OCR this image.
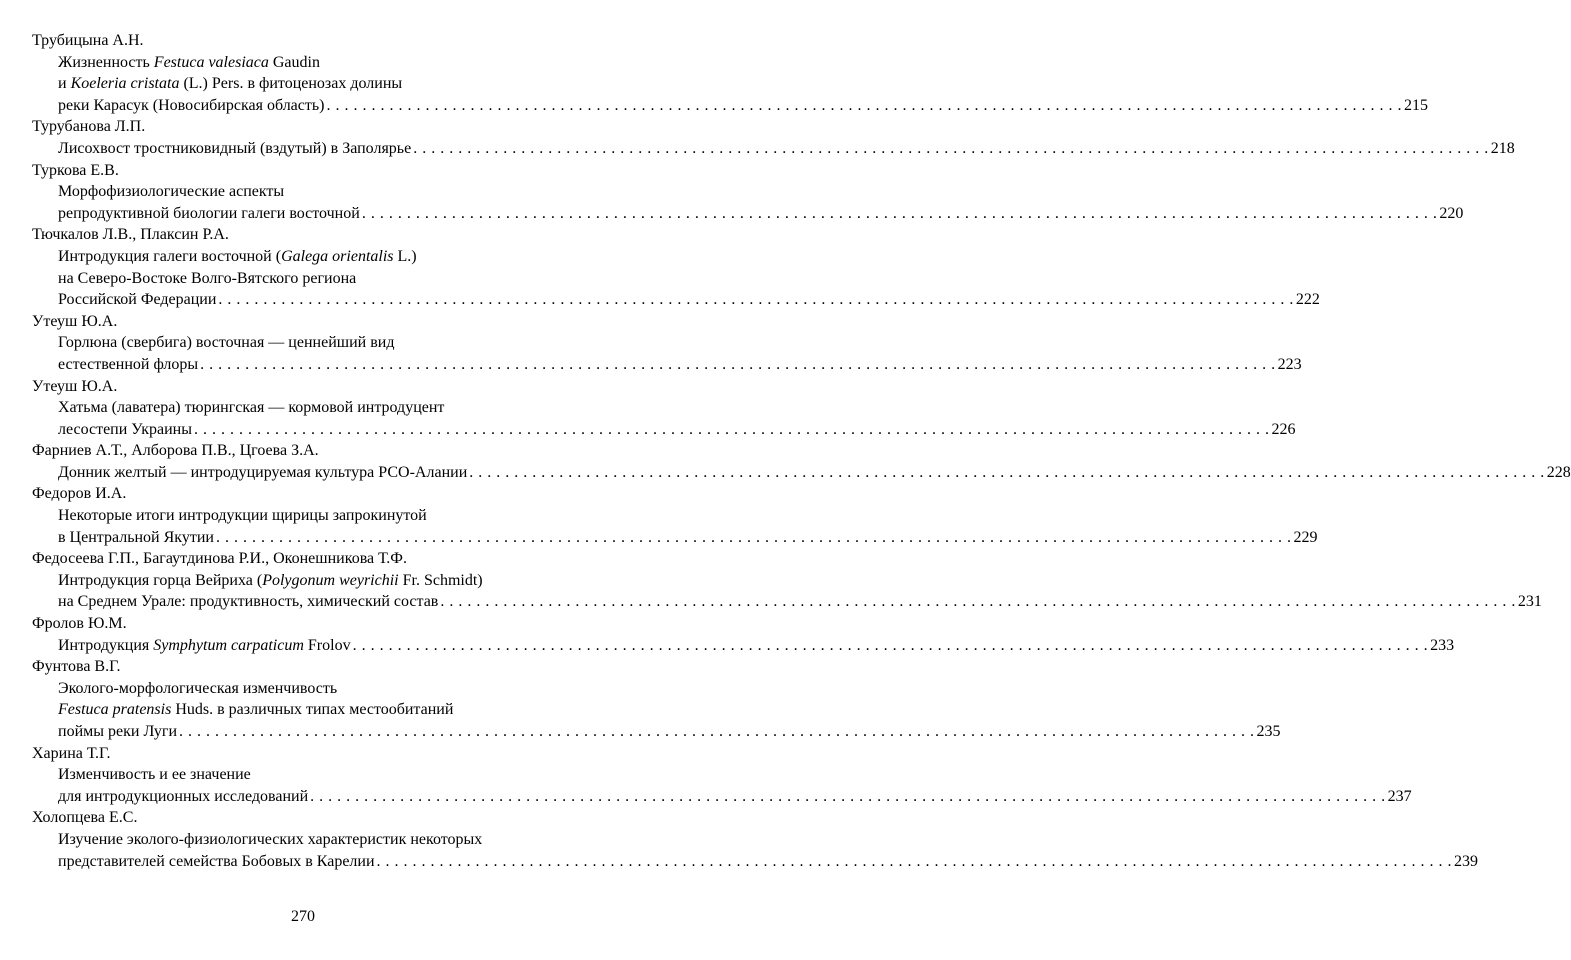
Трубицына А.Н.
Жизненность Festuca valesiaca Gaudin
и Koeleria cristata (L.) Pers. в фитоценозах долины
реки Карасук (Новосибирская область) . . . . . . . . . . . . . . . . . . . . . . . . . . . . . . . . . . . . . . . . . . . . . . . . . . . . . . . . . . . . . . . . . . . . . . . . . . . . . . . . . . . . . . . . . . . . . . . . . . . . . . . . . . . . . . . . . . . . . . . . 215
Турубанова Л.П.
Лисохвост тростниковидный (вздутый) в Заполярье . . . . . . . . . . . . . . . . . . . . . . . . . . . . . . . . . . . . . . . . . . . . . . . . . . . . . . . . . . . . . . . . . . . . . . . . . . . . . . . . . . . . . . . . . . . . . . . . . . . . . . . . . . . . . . . . . . . . . . . . 218
Туркова Е.В.
Морфофизиологические аспекты
репродуктивной биологии галеги восточной . . . . . . . . . . . . . . . . . . . . . . . . . . . . . . . . . . . . . . . . . . . . . . . . . . . . . . . . . . . . . . . . . . . . . . . . . . . . . . . . . . . . . . . . . . . . . . . . . . . . . . . . . . . . . . . . . . . . . . . . 220
Тючкалов Л.В., Плаксин Р.А.
Интродукция галеги восточной (Galega orientalis L.)
на Северо-Востоке Волго-Вятского региона
Российской Федерации . . . . . . . . . . . . . . . . . . . . . . . . . . . . . . . . . . . . . . . . . . . . . . . . . . . . . . . . . . . . . . . . . . . . . . . . . . . . . . . . . . . . . . . . . . . . . . . . . . . . . . . . . . . . . . . . . . . . . . . . 222
Утеуш Ю.А.
Горлюна (свербига) восточная — ценнейший вид
естественной флоры . . . . . . . . . . . . . . . . . . . . . . . . . . . . . . . . . . . . . . . . . . . . . . . . . . . . . . . . . . . . . . . . . . . . . . . . . . . . . . . . . . . . . . . . . . . . . . . . . . . . . . . . . . . . . . . . . . . . . . . . 223
Утеуш Ю.А.
Хатьма (лаватера) тюрингская — кормовой интродуцент
лесостепи Украины . . . . . . . . . . . . . . . . . . . . . . . . . . . . . . . . . . . . . . . . . . . . . . . . . . . . . . . . . . . . . . . . . . . . . . . . . . . . . . . . . . . . . . . . . . . . . . . . . . . . . . . . . . . . . . . . . . . . . . . . 226
Фарниев А.Т., Алборова П.В., Цгоева З.А.
Донник желтый — интродуцируемая культура РСО-Алании . . . . . . . . . . . . . . . . . . . . . . . . . . . . . . . . . . . . . . . . . . . . . . . . . . . . . . . . . . . . . . . . . . . . . . . . . . . . . . . . . . . . . . . . . . . . . . . . . . . . . . . . . . . . . . . . . . . . . . . . 228
Федоров И.А.
Некоторые итоги интродукции щирицы запрокинутой
в Центральной Якутии . . . . . . . . . . . . . . . . . . . . . . . . . . . . . . . . . . . . . . . . . . . . . . . . . . . . . . . . . . . . . . . . . . . . . . . . . . . . . . . . . . . . . . . . . . . . . . . . . . . . . . . . . . . . . . . . . . . . . . . . 229
Федосеева Г.П., Багаутдинова Р.И., Оконешникова Т.Ф.
Интродукция горца Вейриха (Polygonum weyrichii Fr. Schmidt)
на Среднем Урале: продуктивность, химический состав . . . . . . . . . . . . . . . . . . . . . . . . . . . . . . . . . . . . . . . . . . . . . . . . . . . . . . . . . . . . . . . . . . . . . . . . . . . . . . . . . . . . . . . . . . . . . . . . . . . . . . . . . . . . . . . . . . . . . . . . 231
Фролов Ю.М.
Интродукция Symphytum carpaticum Frolov . . . . . . . . . . . . . . . . . . . . . . . . . . . . . . . . . . . . . . . . . . . . . . . . . . . . . . . . . . . . . . . . . . . . . . . . . . . . . . . . . . . . . . . . . . . . . . . . . . . . . . . . . . . . . . . . . . . . . . . . 233
Фунтова В.Г.
Эколого-морфологическая изменчивость
Festuca pratensis Huds. в различных типах местообитаний
поймы реки Луги . . . . . . . . . . . . . . . . . . . . . . . . . . . . . . . . . . . . . . . . . . . . . . . . . . . . . . . . . . . . . . . . . . . . . . . . . . . . . . . . . . . . . . . . . . . . . . . . . . . . . . . . . . . . . . . . . . . . . . . . 235
Харина Т.Г.
Изменчивость и ее значение
для интродукционных исследований . . . . . . . . . . . . . . . . . . . . . . . . . . . . . . . . . . . . . . . . . . . . . . . . . . . . . . . . . . . . . . . . . . . . . . . . . . . . . . . . . . . . . . . . . . . . . . . . . . . . . . . . . . . . . . . . . . . . . . . . 237
Холопцева Е.С.
Изучение эколого-физиологических характеристик некоторых
представителей семейства Бобовых в Карелии . . . . . . . . . . . . . . . . . . . . . . . . . . . . . . . . . . . . . . . . . . . . . . . . . . . . . . . . . . . . . . . . . . . . . . . . . . . . . . . . . . . . . . . . . . . . . . . . . . . . . . . . . . . . . . . . . . . . . . . . 239
270
